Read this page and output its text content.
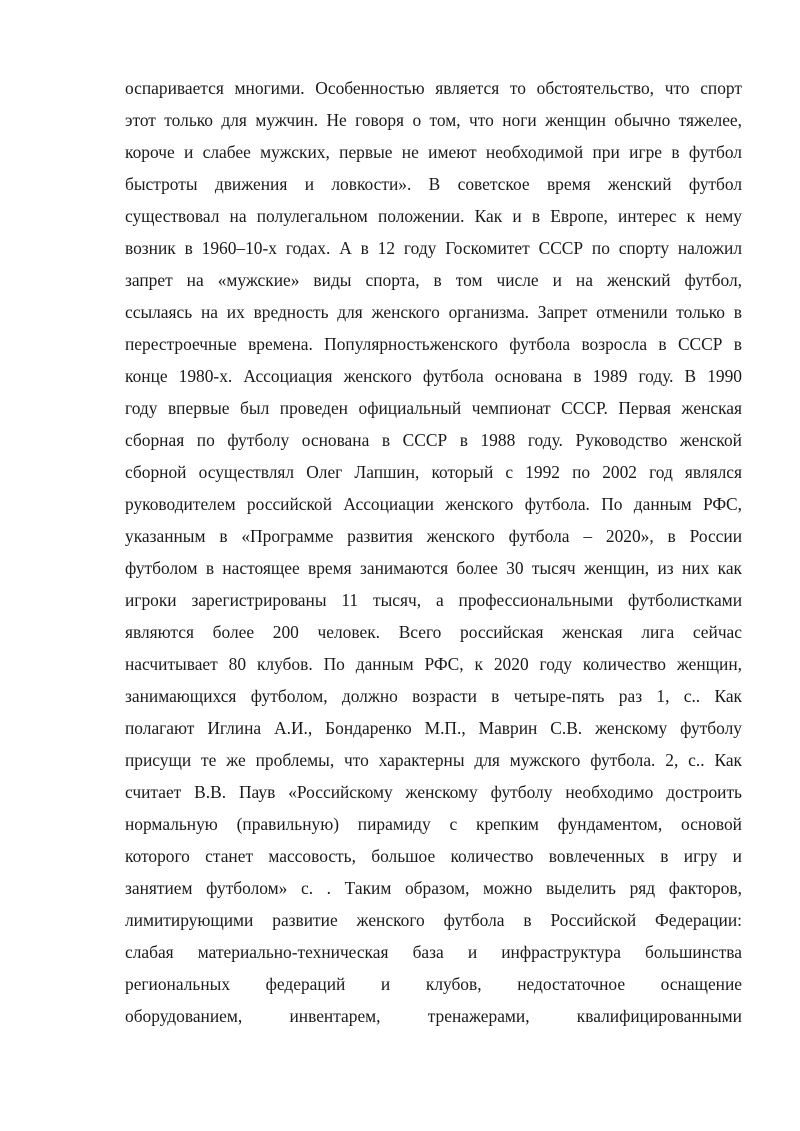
оспаривается многими. Особенностью является то обстоятельство, что спорт
этот только для мужчин. Не говоря о том, что ноги женщин обычно тяжелее,
короче и слабее мужских, первые не имеют необходимой при игре в футбол
быстроты движения и ловкости». В советское время женский футбол
существовал на полулегальном положении. Как и в Европе, интерес к нему
возник в 1960–10-х годах. А в 12 году Госкомитет СССР по спорту наложил
запрет на «мужские» виды спорта, в том числе и на женский футбол,
ссылаясь на их вредность для женского организма. Запрет отменили только в
перестроечные времена. Популярностьженского футбола возросла в СССР в
конце 1980-х. Ассоциация женского футбола основана в 1989 году. В 1990
году впервые был проведен официальный чемпионат СССР. Первая женская
сборная по футболу основана в СССР в 1988 году. Руководство женской
сборной осуществлял Олег Лапшин, который с 1992 по 2002 год являлся
руководителем российской Ассоциации женского футбола. По данным РФС,
указанным в «Программе развития женского футбола – 2020», в России
футболом в настоящее время занимаются более 30 тысяч женщин, из них как
игроки зарегистрированы 11 тысяч, а профессиональными футболистками
являются более 200 человек. Всего российская женская лига сейчас
насчитывает 80 клубов. По данным РФС, к 2020 году количество женщин,
занимающихся футболом, должно возрасти в четыре-пять раз 1, с.. Как
полагают Иглина А.И., Бондаренко М.П., Маврин С.В. женскому футболу
присущи те же проблемы, что характерны для мужского футбола. 2, с.. Как
считает В.В. Паув «Российскому женскому футболу необходимо достроить
нормальную (правильную) пирамиду с крепким фундаментом, основой
которого станет массовость, большое количество вовлеченных в игру и
занятием футболом» с. . Таким образом, можно выделить ряд факторов,
лимитирующими развитие женского футбола в Российской Федерации:
слабая материально-техническая база и инфраструктура большинства
региональных федераций и клубов, недостаточное оснащение
оборудованием, инвентарем, тренажерами, квалифицированными
